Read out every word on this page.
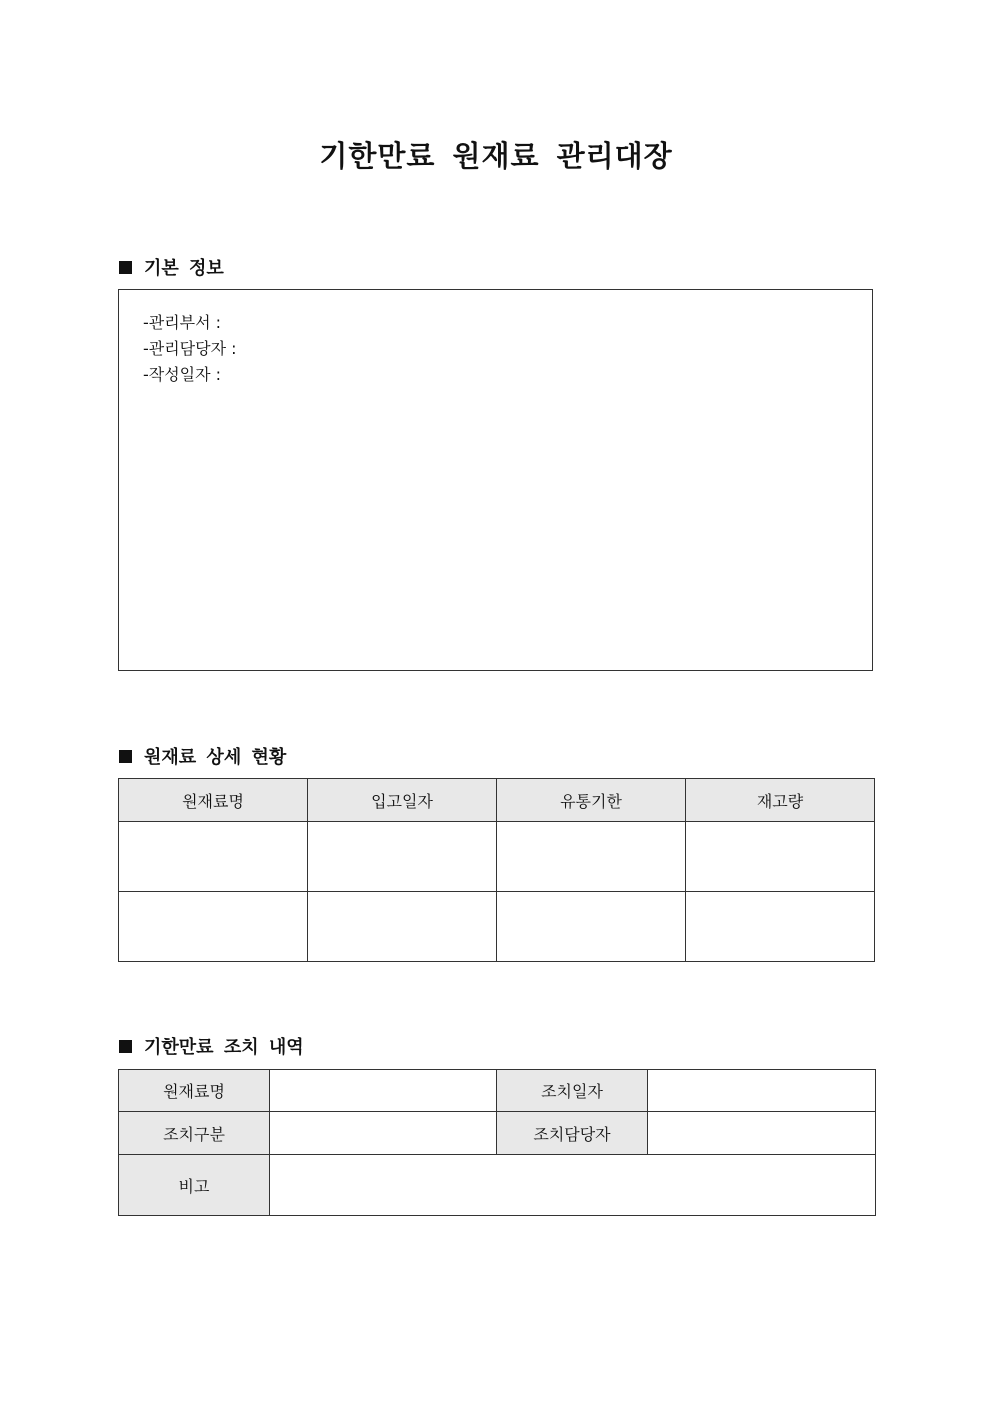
기한만료 원재료 관리대장
기본 정보
-관리부서 :
-관리담당자 :
-작성일자 :
원재료 상세 현황
원재료명	입고일자	유통기한	재고량

기한만료 조치 내역
원재료명		조치일자	
조치구분		조치담당자	
비고			
